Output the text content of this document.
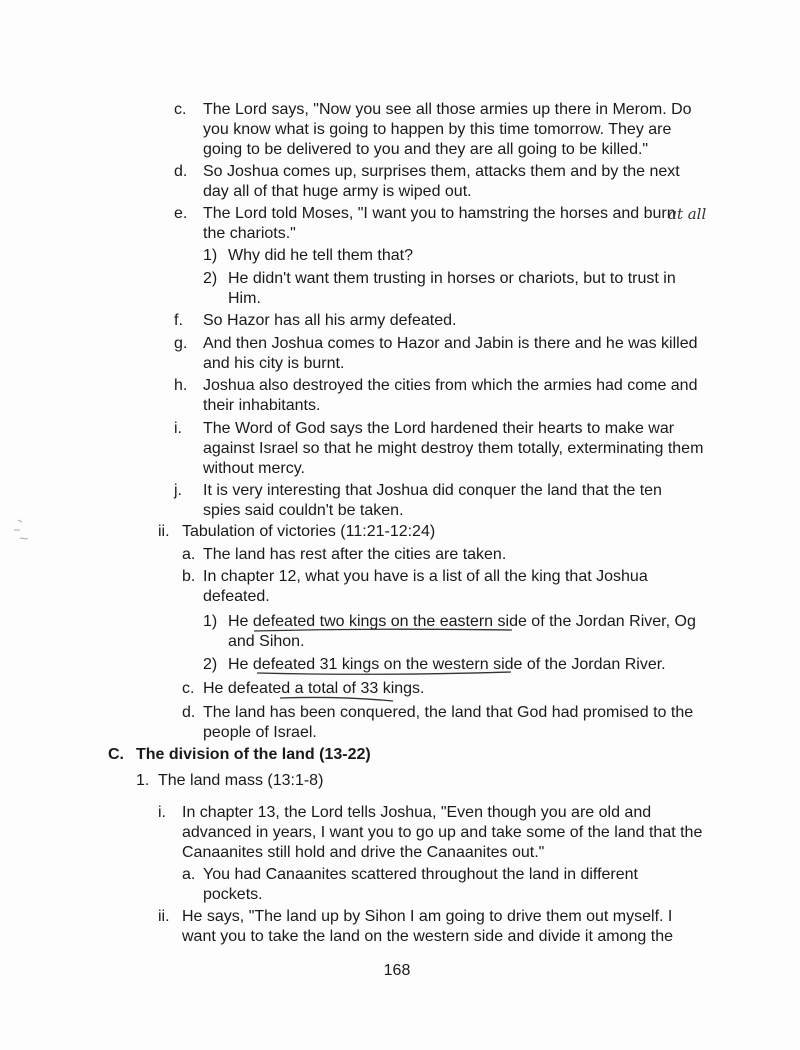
c. The Lord says, "Now you see all those armies up there in Merom. Do
you know what is going to happen by this time tomorrow. They are
going to be delivered to you and they are all going to be killed."
d. So Joshua comes up, surprises them, attacks them and by the next
day all of that huge army is wiped out.
e. The Lord told Moses, "I want you to hamstring the horses and burn
the chariots."
at all
1) Why did he tell them that?
2) He didn't want them trusting in horses or chariots, but to trust in
Him.
f. So Hazor has all his army defeated.
g. And then Joshua comes to Hazor and Jabin is there and he was killed
and his city is burnt.
h. Joshua also destroyed the cities from which the armies had come and
their inhabitants.
i. The Word of God says the Lord hardened their hearts to make war
against Israel so that he might destroy them totally, exterminating them
without mercy.
j. It is very interesting that Joshua did conquer the land that the ten
spies said couldn't be taken.
ii. Tabulation of victories (11:21-12:24)
a. The land has rest after the cities are taken.
b. In chapter 12, what you have is a list of all the king that Joshua
defeated.
1) He defeated two kings on the eastern side of the Jordan River, Og
and Sihon.
2) He defeated 31 kings on the western side of the Jordan River.
c. He defeated a total of 33 kings.
d. The land has been conquered, the land that God had promised to the
people of Israel.
C. The division of the land (13-22)
1. The land mass (13:1-8)
i. In chapter 13, the Lord tells Joshua, "Even though you are old and
advanced in years, I want you to go up and take some of the land that the
Canaanites still hold and drive the Canaanites out."
a. You had Canaanites scattered throughout the land in different
pockets.
ii. He says, "The land up by Sihon I am going to drive them out myself. I
want you to take the land on the western side and divide it among the
168
